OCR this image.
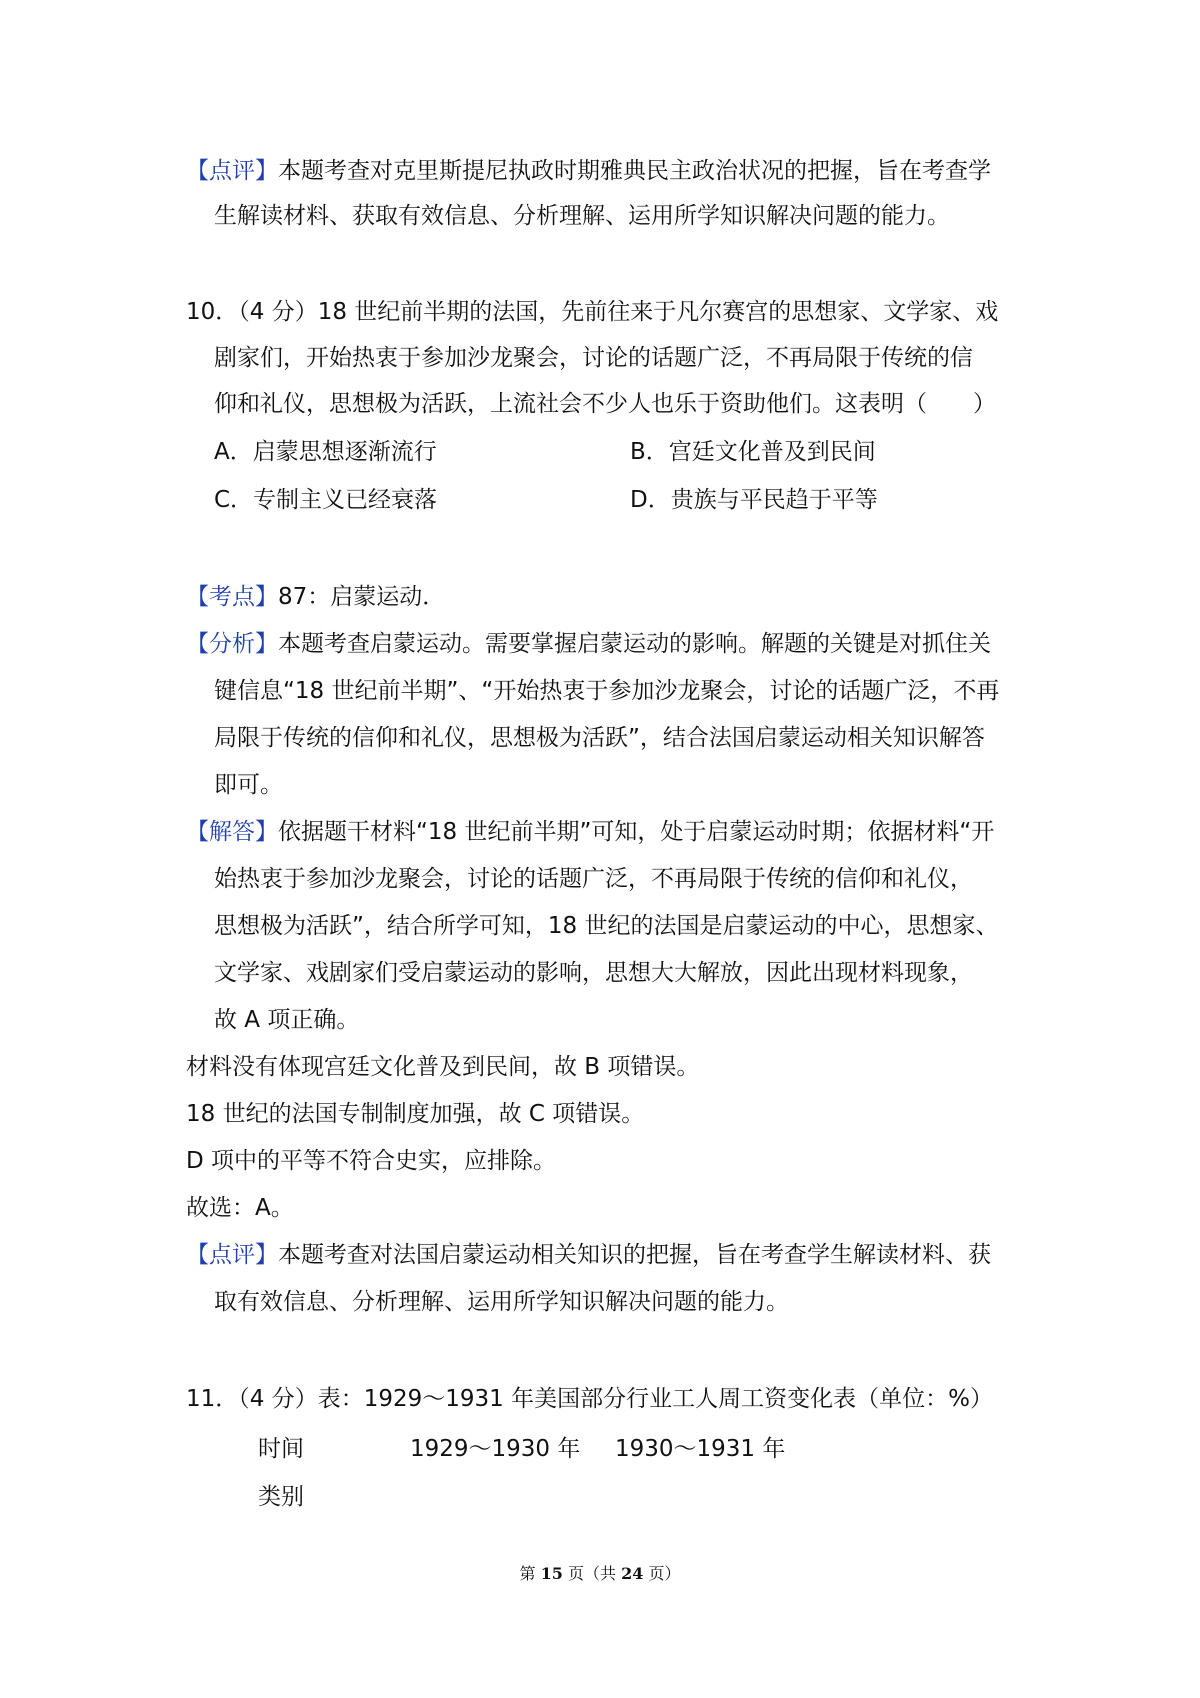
【点评】本题考查对克里斯提尼执政时期雅典民主政治状况的把握，旨在考查学
生解读材料、获取有效信息、分析理解、运用所学知识解决问题的能力。
10．（4 分）18 世纪前半期的法国，先前往来于凡尔赛宫的思想家、文学家、戏
剧家们，开始热衷于参加沙龙聚会，讨论的话题广泛，不再局限于传统的信
仰和礼仪，思想极为活跃，上流社会不少人也乐于资助他们。这表明（　　）
A．启蒙思想逐渐流行	B．宫廷文化普及到民间
C．专制主义已经衰落	D．贵族与平民趋于平等
【考点】87：启蒙运动．
【分析】本题考查启蒙运动。需要掌握启蒙运动的影响。解题的关键是对抓住关
键信息“18 世纪前半期”、“开始热衷于参加沙龙聚会，讨论的话题广泛，不再
局限于传统的信仰和礼仪，思想极为活跃”，结合法国启蒙运动相关知识解答
即可。
【解答】依据题干材料“18 世纪前半期”可知，处于启蒙运动时期；依据材料“开
始热衷于参加沙龙聚会，讨论的话题广泛，不再局限于传统的信仰和礼仪，
思想极为活跃”，结合所学可知，18 世纪的法国是启蒙运动的中心，思想家、
文学家、戏剧家们受启蒙运动的影响，思想大大解放，因此出现材料现象，
故 A 项正确。
材料没有体现宫廷文化普及到民间，故 B 项错误。
18 世纪的法国专制制度加强，故 C 项错误。
D 项中的平等不符合史实，应排除。
故选：A。
【点评】本题考查对法国启蒙运动相关知识的把握，旨在考查学生解读材料、获
取有效信息、分析理解、运用所学知识解决问题的能力。
11．（4 分）表：1929～1931 年美国部分行业工人周工资变化表（单位：%）
时间	1929～1930 年 1930～1931 年
类别
第 15 页（共 24 页）
